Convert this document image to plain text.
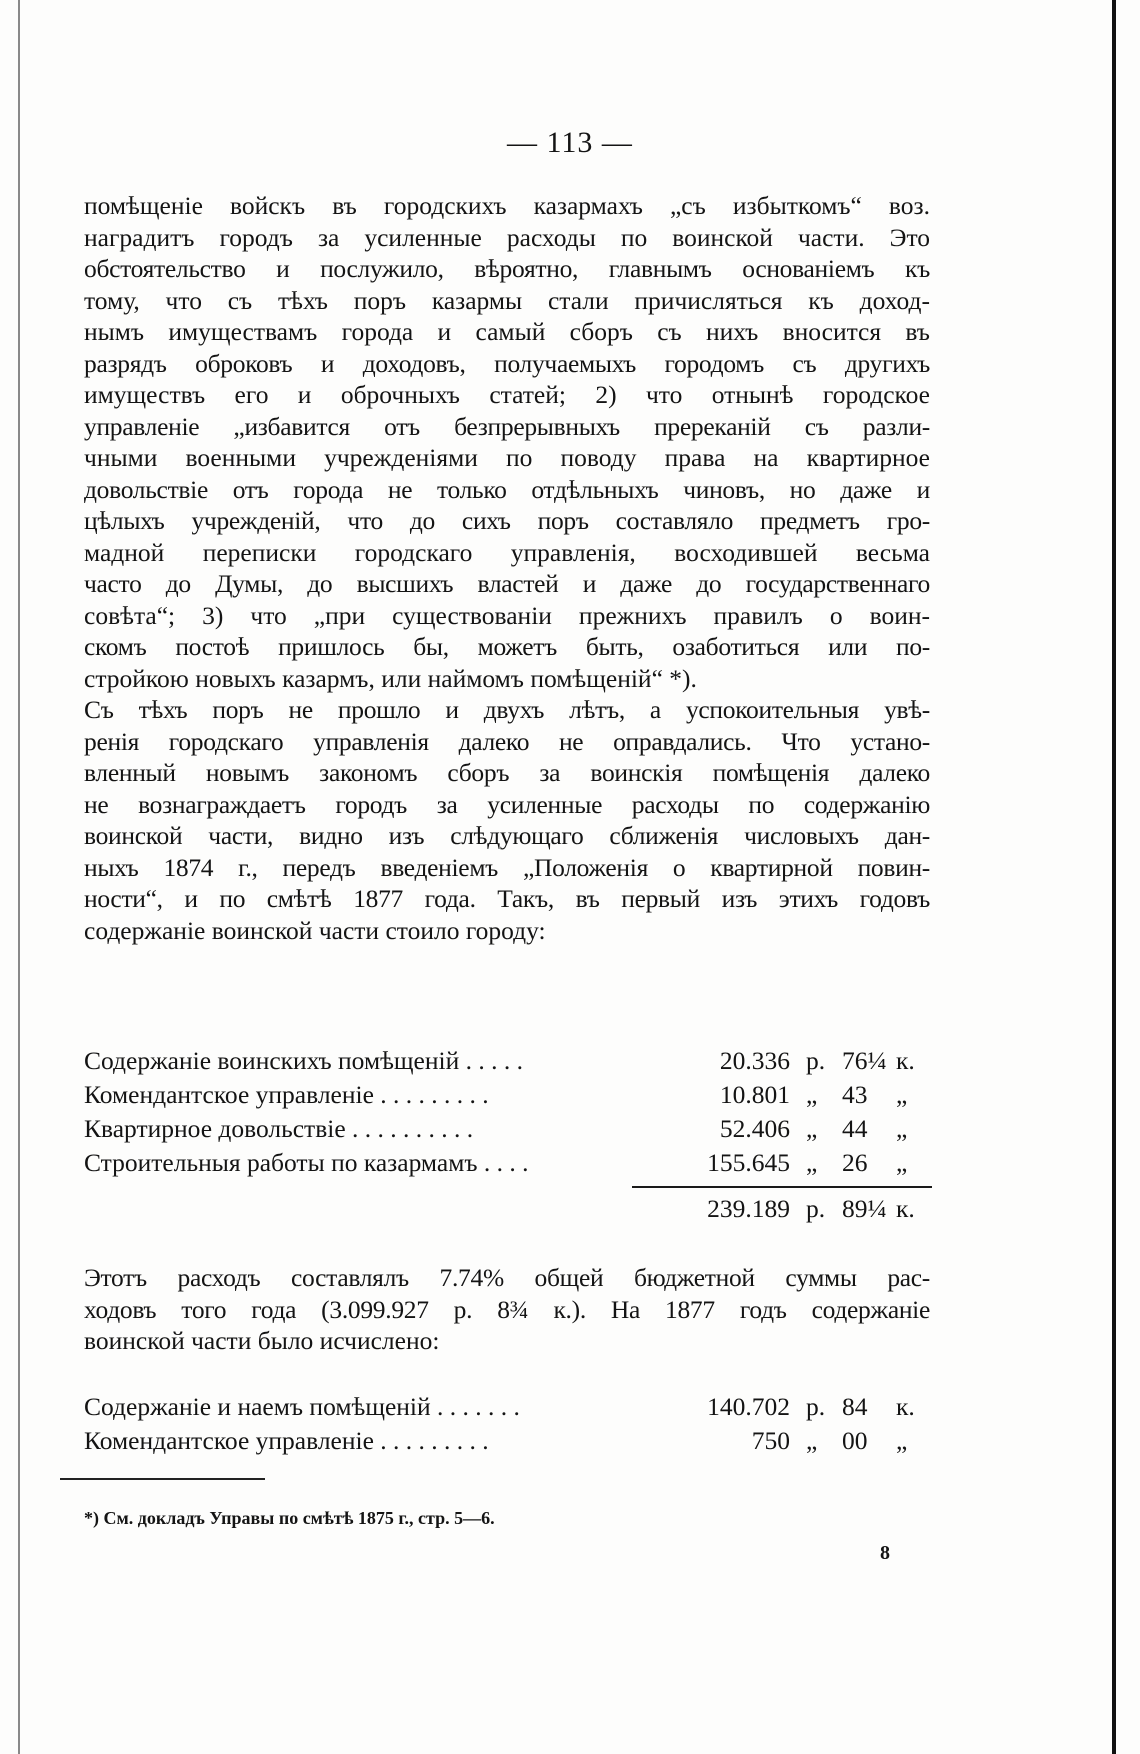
— 113 —
помѣщеніе войскъ въ городскихъ казармахъ „съ избыткомъ“ воз.
наградитъ городъ за усиленные расходы по воинской части. Это
обстоятельство и послужило, вѣроятно, главнымъ основаніемъ къ
тому, что съ тѣхъ поръ казармы стали причисляться къ доход-
нымъ имуществамъ города и самый сборъ съ нихъ вносится въ
разрядъ оброковъ и доходовъ, получаемыхъ городомъ съ другихъ
имуществъ его и оброчныхъ статей; 2) что отнынѣ городское
управленіе „избавится отъ безпрерывныхъ пререканій съ разли-
чными военными учрежденіями по поводу права на квартирное
довольствіе отъ города не только отдѣльныхъ чиновъ, но даже и
цѣлыхъ учрежденій, что до сихъ поръ составляло предметъ гро-
мадной переписки городскаго управленія, восходившей весьма
часто до Думы, до высшихъ властей и даже до государственнаго
совѣта“; 3) что „при существованіи прежнихъ правилъ о воин-
скомъ постоѣ пришлось бы, можетъ быть, озаботиться или по-
стройкою новыхъ казармъ, или наймомъ помѣщеній“ *).
Съ тѣхъ поръ не прошло и двухъ лѣтъ, а успокоительныя увѣ-
ренія городскаго управленія далеко не оправдались. Что устано-
вленный новымъ закономъ сборъ за воинскія помѣщенія далеко
не вознаграждаетъ городъ за усиленные расходы по содержанію
воинской части, видно изъ слѣдующаго сближенія числовыхъ дан-
ныхъ 1874 г., передъ введеніемъ „Положенія о квартирной повин-
ности“, и по смѣтѣ 1877 года. Такъ, въ первый изъ этихъ годовъ
содержаніе воинской части стоило городу:
Содержаніе воинскихъ помѣщеній . . . . .	20.336 р. 76¼ к.
Комендантское управленіе . . . . . . . . .	10.801 „ 43 „
Квартирное довольствіе . . . . . . . . . .	52.406 „ 44 „
Строительныя работы по казармамъ . . . .	155.645 „ 26 „
239.189 р. 89¼ к.
Этотъ расходъ составлялъ 7.74% общей бюджетной суммы рас-
ходовъ того года (3.099.927 р. 8¾ к.). На 1877 годъ содержаніе
воинской части было исчислено:
Содержаніе и наемъ помѣщеній . . . . . . .	140.702 р. 84 к.
Комендантское управленіе . . . . . . . . .	750 „ 00 „
*) См. докладъ Управы по смѣтѣ 1875 г., стр. 5—6.
8
